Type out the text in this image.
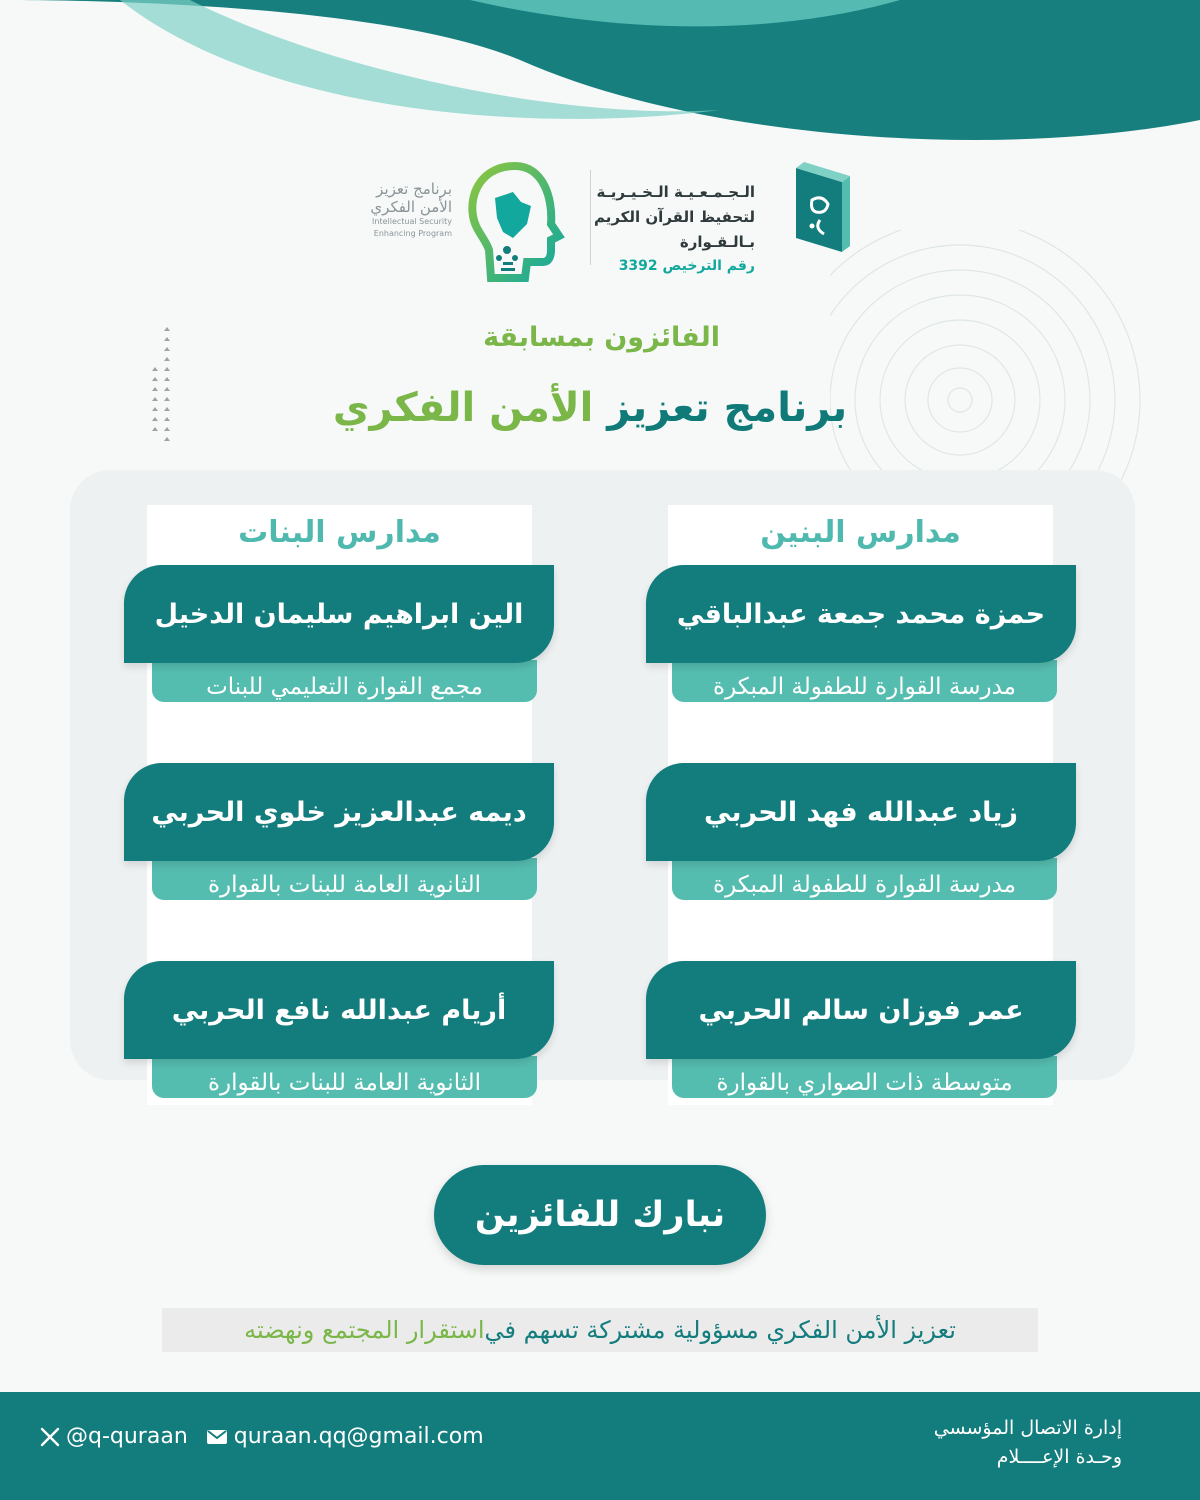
الـجـمـعـيـة الـخـيـريـة
لتحفيظ القرآن الكريم
بـالـقـوارة
رقم الترخيص 3392
برنامج تعزيز
الأمن الفكري
Intellectual Security
Enhancing Program
الفائزون بمسابقة
برنامج تعزيز الأمن الفكري
مدارس البنات	مدارس البنين
حمزة محمد جمعة عبدالباقي
مدرسة القوارة للطفولة المبكرة
زياد عبدالله فهد الحربي
مدرسة القوارة للطفولة المبكرة
عمر فوزان سالم الحربي
متوسطة ذات الصواري بالقوارة
الين ابراهيم سليمان الدخيل
مجمع القوارة التعليمي للبنات
ديمه عبدالعزيز خلوي الحربي
الثانوية العامة للبنات بالقوارة
أريام عبدالله نافع الحربي
الثانوية العامة للبنات بالقوارة
نبارك للفائزين
تعزيز الأمن الفكري مسؤولية مشتركة تسهم في
استقرار المجتمع ونهضته
إدارة الاتصال المؤسسي
وحـدة الإعــــلام
@q-quraan quraan.qq@gmail.com
